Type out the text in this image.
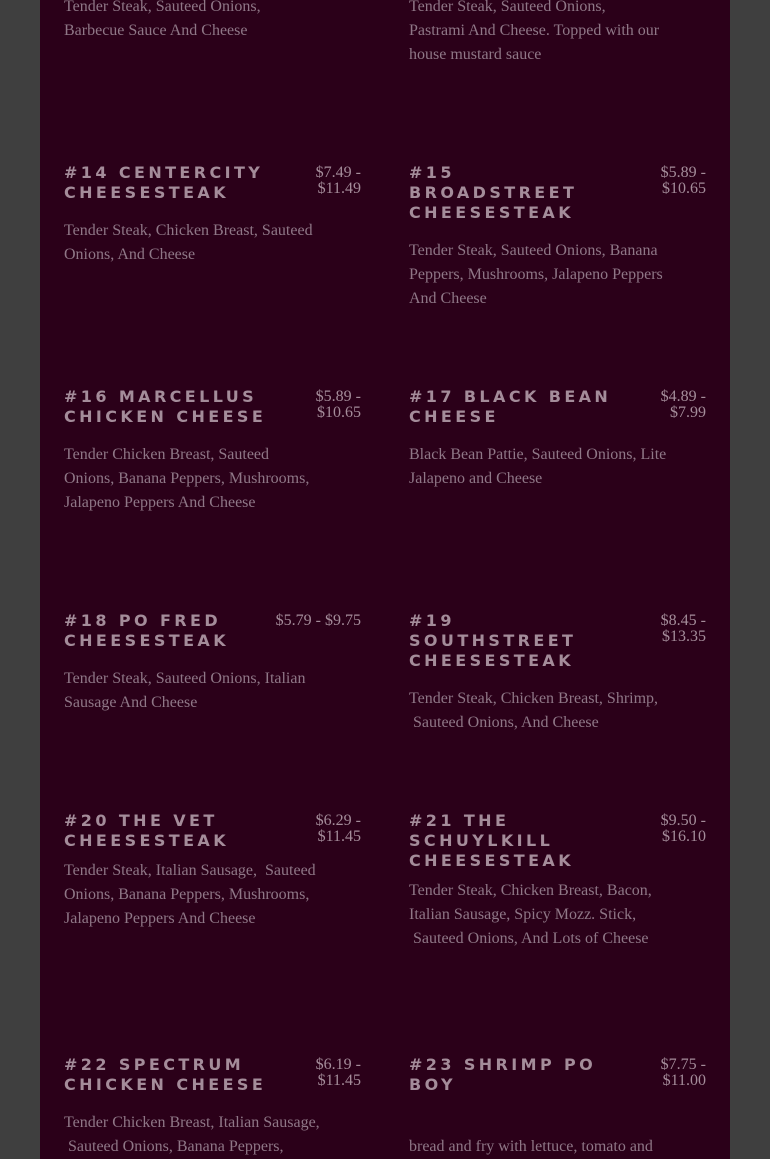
Tender Steak, Sauteed Onions,
Barbecue Sauce And Cheese
Tender Steak, Sauteed Onions,
Pastrami And Cheese. Topped with our
house mustard sauce
#14 CENTERCITY CHEESESTEAK
$7.49 - $11.49
Tender Steak, Chicken Breast, Sauteed
Onions, And Cheese
#15 BROADSTREET CHEESESTEAK
$5.89 - $10.65
Tender Steak, Sauteed Onions, Banana
Peppers, Mushrooms, Jalapeno Peppers
And Cheese
#16 MARCELLUS CHICKEN CHEESE
$5.89 - $10.65
Tender Chicken Breast, Sauteed
Onions, Banana Peppers, Mushrooms,
Jalapeno Peppers And Cheese
#17 BLACK BEAN CHEESE
$4.89 - $7.99
Black Bean Pattie, Sauteed Onions, Lite
Jalapeno and Cheese
#18 PO FRED CHEESESTEAK
$5.79 - $9.75
Tender Steak, Sauteed Onions, Italian
Sausage And Cheese
#19 SOUTHSTREET CHEESESTEAK
$8.45 - $13.35
Tender Steak, Chicken Breast, Shrimp,
Sauteed Onions, And Cheese
#20 THE VET CHEESESTEAK
$6.29 - $11.45
Tender Steak, Italian Sausage,  Sauteed
Onions, Banana Peppers, Mushrooms,
Jalapeno Peppers And Cheese
#21 THE SCHUYLKILL CHEESESTEAK
$9.50 - $16.10
Tender Steak, Chicken Breast, Bacon,
Italian Sausage, Spicy Mozz. Stick,
Sauteed Onions, And Lots of Cheese
#22 SPECTRUM CHICKEN CHEESE
$6.19 - $11.45
Tender Chicken Breast, Italian Sausage,
Sauteed Onions, Banana Peppers,
#23 SHRIMP PO BOY
$7.75 - $11.00
bread and fry with lettuce, tomato and
